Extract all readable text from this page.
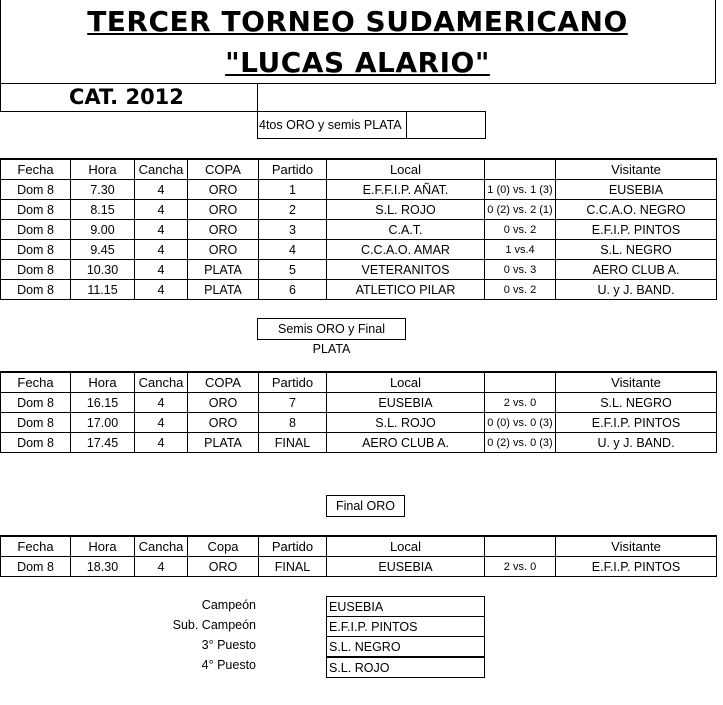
TERCER TORNEO SUDAMERICANO
"LUCAS ALARIO"
CAT. 2012
4tos ORO y semis PLATA
Fecha	Hora	Cancha	COPA	Partido	Local		Visitante
Dom 8	7.30	4	ORO	1	E.F.F.I.P. AÑAT.	1 (0) vs. 1 (3)	EUSEBIA
Dom 8	8.15	4	ORO	2	S.L. ROJO	0 (2) vs. 2 (1)	C.C.A.O. NEGRO
Dom 8	9.00	4	ORO	3	C.A.T.	0 vs. 2	E.F.I.P. PINTOS
Dom 8	9.45	4	ORO	4	C.C.A.O. AMAR	1 vs.4	S.L. NEGRO
Dom 8	10.30	4	PLATA	5	VETERANITOS	0 vs. 3	AERO CLUB A.
Dom 8	11.15	4	PLATA	6	ATLETICO PILAR	0 vs. 2	U. y J. BAND.
Semis ORO y Final PLATA
Fecha	Hora	Cancha	COPA	Partido	Local		Visitante
Dom 8	16.15	4	ORO	7	EUSEBIA	2 vs. 0	S.L. NEGRO
Dom 8	17.00	4	ORO	8	S.L. ROJO	0 (0) vs. 0 (3)	E.F.I.P. PINTOS
Dom 8	17.45	4	PLATA	FINAL	AERO CLUB A.	0 (2) vs. 0 (3)	U. y J. BAND.
Final ORO
Fecha	Hora	Cancha	Copa	Partido	Local		Visitante
Dom 8	18.30	4	ORO	FINAL	EUSEBIA	2 vs. 0	E.F.I.P. PINTOS
Campeón	EUSEBIA
Sub. Campeón	E.F.I.P. PINTOS
3° Puesto	S.L. NEGRO
4° Puesto	S.L. ROJO
